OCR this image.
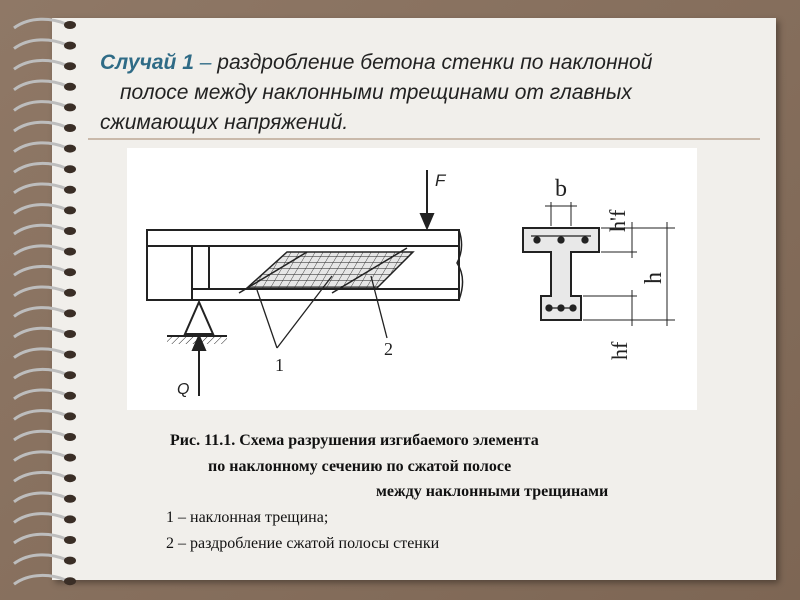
Случай 1 – раздробление бетона стенки по наклонной
полосе между наклонными трещинами от главных
сжимающих напряжений.
1
2
F
Q
b
h'f
h
hf
Рис. 11.1. Схема разрушения изгибаемого элемента
по наклонному сечению по сжатой полосе
между наклонными трещинами
1 – наклонная трещина;
2 – раздробление сжатой полосы стенки
